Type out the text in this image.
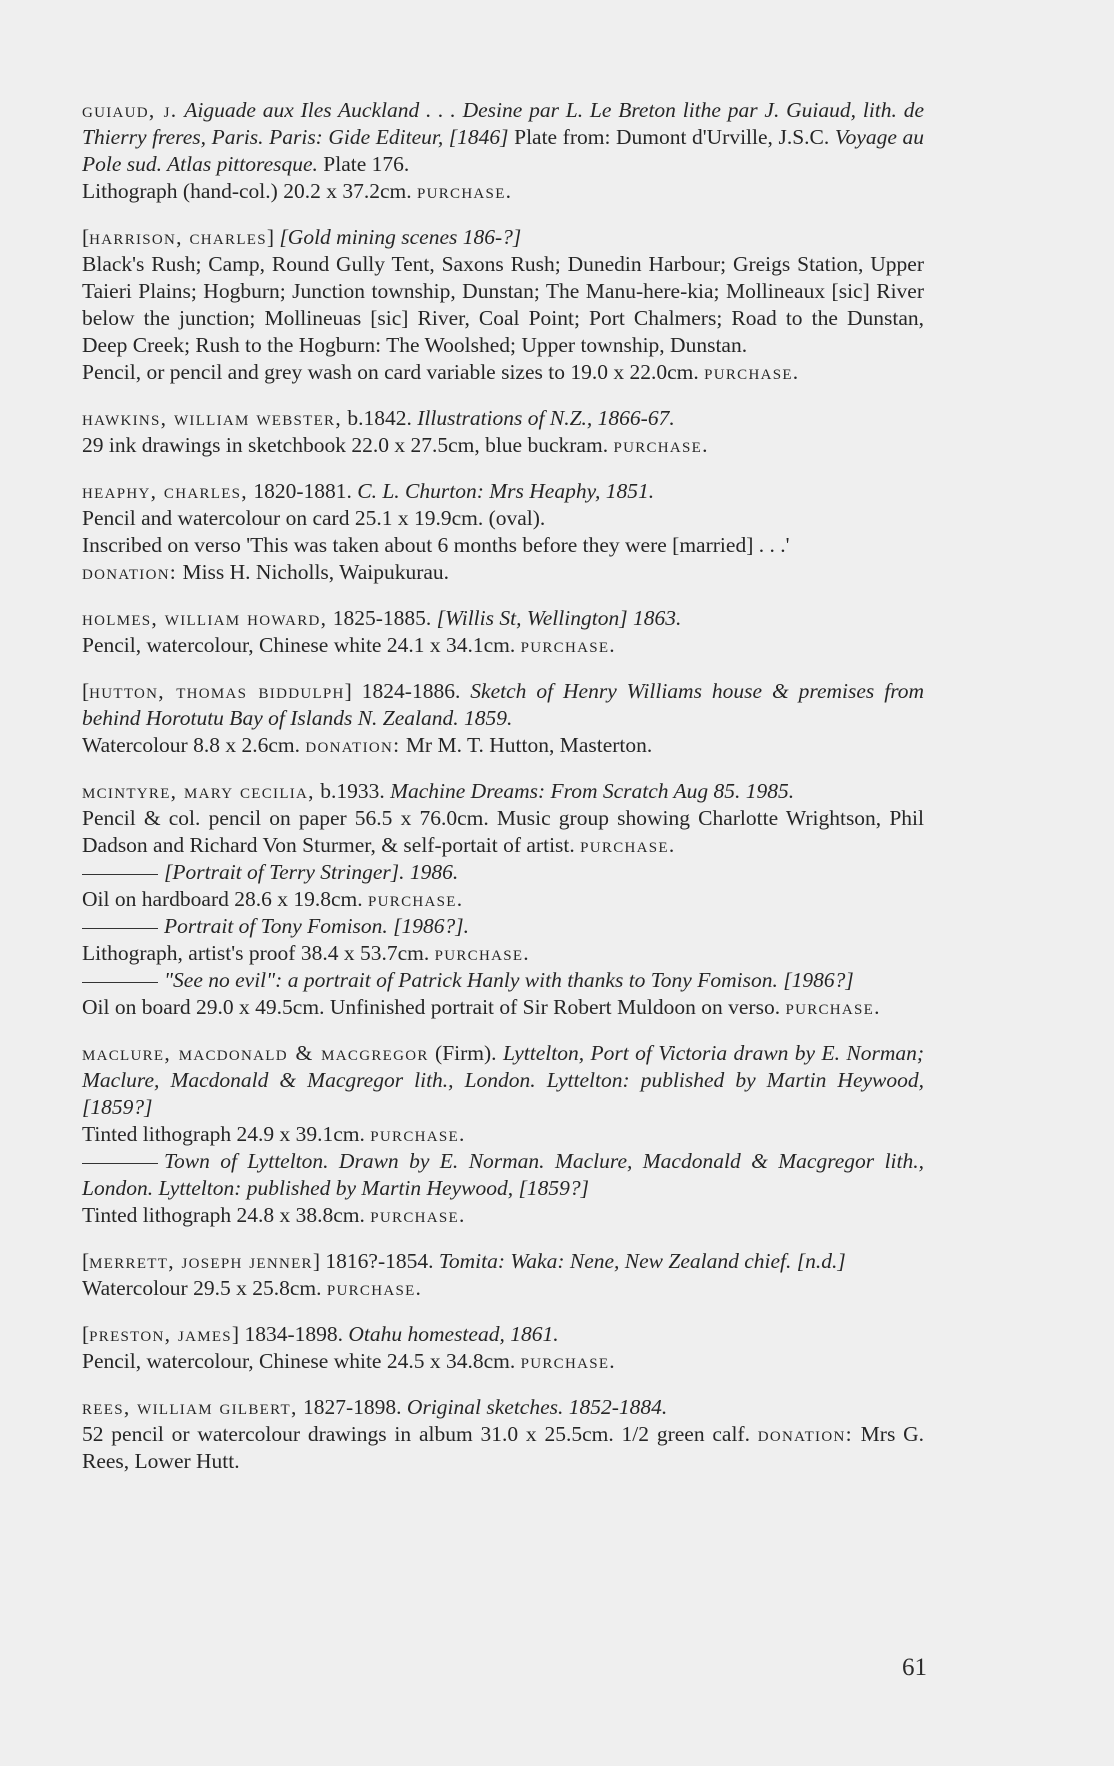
guiaud, j. Aiguade aux Iles Auckland . . . Desine par L. Le Breton lithe par J. Guiaud, lith. de Thierry freres, Paris. Paris: Gide Editeur, [1846] Plate from: Dumont d'Urville, J.S.C. Voyage au Pole sud. Atlas pittoresque. Plate 176.
Lithograph (hand-col.) 20.2 x 37.2cm. purchase.
[harrison, charles] [Gold mining scenes 186-?]
Black's Rush; Camp, Round Gully Tent, Saxons Rush; Dunedin Harbour; Greigs Station, Upper Taieri Plains; Hogburn; Junction township, Dunstan; The Manu-here-kia; Mollineaux [sic] River below the junction; Mollineuas [sic] River, Coal Point; Port Chalmers; Road to the Dunstan, Deep Creek; Rush to the Hogburn: The Woolshed; Upper township, Dunstan.
Pencil, or pencil and grey wash on card variable sizes to 19.0 x 22.0cm. purchase.
hawkins, william webster, b.1842. Illustrations of N.Z., 1866-67.
29 ink drawings in sketchbook 22.0 x 27.5cm, blue buckram. purchase.
heaphy, charles, 1820-1881. C. L. Churton: Mrs Heaphy, 1851.
Pencil and watercolour on card 25.1 x 19.9cm. (oval).
Inscribed on verso 'This was taken about 6 months before they were [married] . . .'
donation: Miss H. Nicholls, Waipukurau.
holmes, william howard, 1825-1885. [Willis St, Wellington] 1863.
Pencil, watercolour, Chinese white 24.1 x 34.1cm. purchase.
[hutton, thomas biddulph] 1824-1886. Sketch of Henry Williams house & premises from behind Horotutu Bay of Islands N. Zealand. 1859.
Watercolour 8.8 x 2.6cm. donation: Mr M. T. Hutton, Masterton.
mcintyre, mary cecilia, b.1933. Machine Dreams: From Scratch Aug 85. 1985.
Pencil & col. pencil on paper 56.5 x 76.0cm. Music group showing Charlotte Wrightson, Phil Dadson and Richard Von Sturmer, & self-portait of artist. purchase.
[Portrait of Terry Stringer]. 1986.
Oil on hardboard 28.6 x 19.8cm. purchase.
Portrait of Tony Fomison. [1986?].
Lithograph, artist's proof 38.4 x 53.7cm. purchase.
"See no evil": a portrait of Patrick Hanly with thanks to Tony Fomison. [1986?]
Oil on board 29.0 x 49.5cm. Unfinished portrait of Sir Robert Muldoon on verso. purchase.
maclure, macdonald & macgregor (Firm). Lyttelton, Port of Victoria drawn by E. Norman; Maclure, Macdonald & Macgregor lith., London. Lyttelton: published by Martin Heywood, [1859?]
Tinted lithograph 24.9 x 39.1cm. purchase.
Town of Lyttelton. Drawn by E. Norman. Maclure, Macdonald & Macgregor lith., London. Lyttelton: published by Martin Heywood, [1859?]
Tinted lithograph 24.8 x 38.8cm. purchase.
[merrett, joseph jenner] 1816?-1854. Tomita: Waka: Nene, New Zealand chief. [n.d.]
Watercolour 29.5 x 25.8cm. purchase.
[preston, james] 1834-1898. Otahu homestead, 1861.
Pencil, watercolour, Chinese white 24.5 x 34.8cm. purchase.
rees, william gilbert, 1827-1898. Original sketches. 1852-1884.
52 pencil or watercolour drawings in album 31.0 x 25.5cm. 1/2 green calf. donation: Mrs G. Rees, Lower Hutt.
61
